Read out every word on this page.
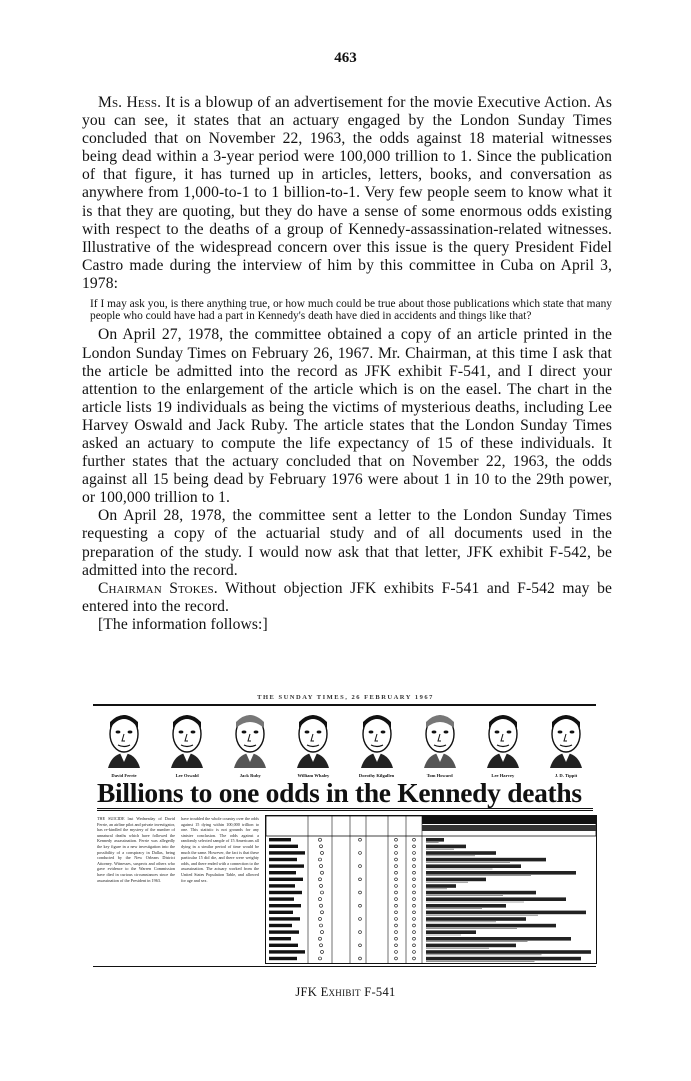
463

Ms. Hess. It is a blowup of an advertisement for the movie Executive Action. As you can see, it states that an actuary engaged by the London Sunday Times concluded that on November 22, 1963, the odds against 18 material witnesses being dead within a 3-year period were 100,000 trillion to 1. Since the publication of that figure, it has turned up in articles, letters, books, and conversation as anywhere from 1,000-to-1 to 1 billion-to-1. Very few people seem to know what it is that they are quoting, but they do have a sense of some enormous odds existing with respect to the deaths of a group of Kennedy-assassination-related witnesses. Illustrative of the widespread concern over this issue is the query President Fidel Castro made during the interview of him by this committee in Cuba on April 3, 1978:

If I may ask you, is there anything true, or how much could be true about those publications which state that many people who could have had a part in Kennedy's death have died in accidents and things like that?

On April 27, 1978, the committee obtained a copy of an article printed in the London Sunday Times on February 26, 1967. Mr. Chairman, at this time I ask that the article be admitted into the record as JFK exhibit F-541, and I direct your attention to the enlargement of the article which is on the easel. The chart in the article lists 19 individuals as being the victims of mysterious deaths, including Lee Harvey Oswald and Jack Ruby. The article states that the London Sunday Times asked an actuary to compute the life expectancy of 15 of these individuals. It further states that the actuary concluded that on November 22, 1963, the odds against all 15 being dead by February 1976 were about 1 in 10 to the 29th power, or 100,000 trillion to 1.

On April 28, 1978, the committee sent a letter to the London Sunday Times requesting a copy of the actuarial study and of all documents used in the preparation of the study. I would now ask that that letter, JFK exhibit F-542, be admitted into the record.

Chairman Stokes. Without objection JFK exhibits F-541 and F-542 may be entered into the record.

[The information follows:]

THE SUNDAY TIMES, 26 FEBRUARY 1967
David Ferrie	Lee Oswald	Jack Ruby	William Whaley	Dorothy Kilgallen	Tom Howard	Lee Harvey	J. D. Tippit
Billions to one odds in the Kennedy deaths
THE SUICIDE last Wednesday of David Ferrie, an airline pilot and private investigator, has re-kindled the mystery of the number of unnatural deaths which have followed the Kennedy assassination. Ferrie was allegedly the key figure in a new investigation into the possibility of a conspiracy in Dallas, being conducted by the New Orleans District Attorney. Witnesses, suspects and others who gave evidence to the Warren Commission have died in curious circumstances since the assassination of the President in 1963.
have troubled the whole country over the odds against 15 dying within 100,000 trillion to one. This statistic is not grounds for any sinister conclusion. The odds against a randomly selected sample of 15 Americans all dying in a similar period of time would be much the same. However, the fact is that these particular 15 did die, and there were weighty odds, and there ended with a connection to the assassination. The actuary worked from the United States Population Table, and allowed for age and sex.
JFK Exhibit F-541
